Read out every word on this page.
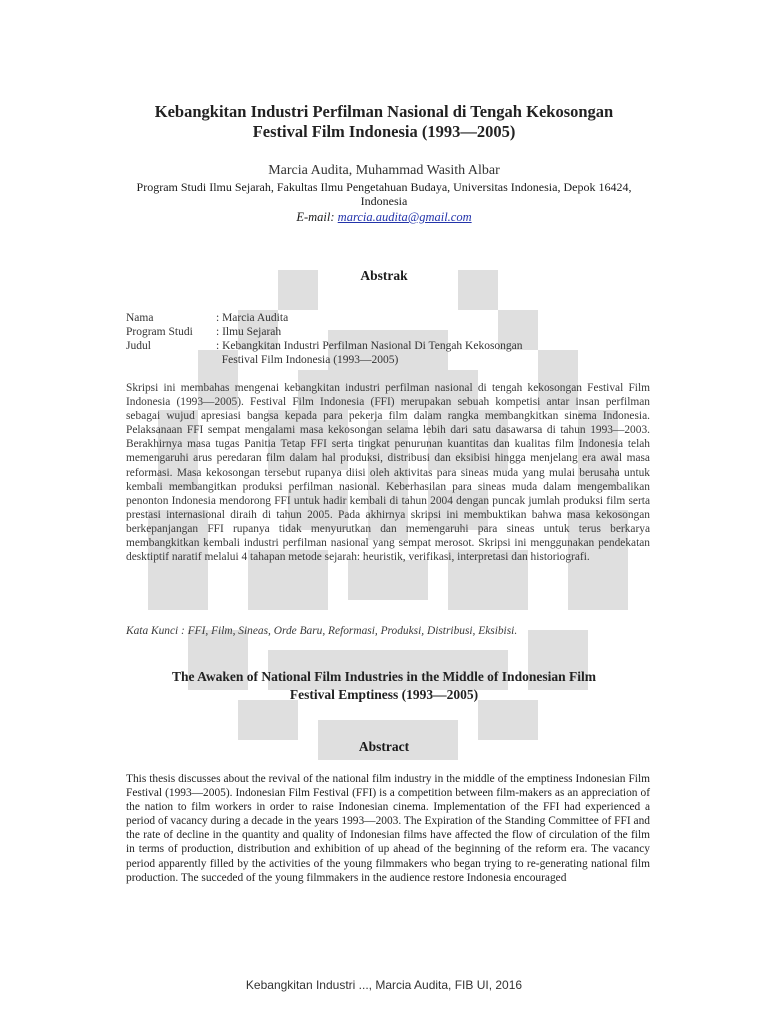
Kebangkitan Industri Perfilman Nasional di Tengah Kekosongan
Festival Film Indonesia (1993—2005)
Marcia Audita, Muhammad Wasith Albar
Program Studi Ilmu Sejarah, Fakultas Ilmu Pengetahuan Budaya, Universitas Indonesia, Depok 16424,
Indonesia
E-mail: marcia.audita@gmail.com
Abstrak
Nama	: Marcia Audita
Program Studi	: Ilmu Sejarah
Judul	: Kebangkitan Industri Perfilman Nasional Di Tengah Kekosongan
Festival Film Indonesia (1993—2005)
Skripsi ini membahas mengenai kebangkitan industri perfilman nasional di tengah kekosongan Festival Film Indonesia (1993—2005). Festival Film Indonesia (FFI) merupakan sebuah kompetisi antar insan perfilman sebagai wujud apresiasi bangsa kepada para pekerja film dalam rangka membangkitkan sinema Indonesia. Pelaksanaan FFI sempat mengalami masa kekosongan selama lebih dari satu dasawarsa di tahun 1993—2003. Berakhirnya masa tugas Panitia Tetap FFI serta tingkat penurunan kuantitas dan kualitas film Indonesia telah memengaruhi arus peredaran film dalam hal produksi, distribusi dan eksibisi hingga menjelang era awal masa reformasi. Masa kekosongan tersebut rupanya diisi oleh aktivitas para sineas muda yang mulai berusaha untuk kembali membangitkan produksi perfilman nasional. Keberhasilan para sineas muda dalam mengembalikan penonton Indonesia mendorong FFI untuk hadir kembali di tahun 2004 dengan puncak jumlah produksi film serta prestasi internasional diraih di tahun 2005. Pada akhirnya skripsi ini membuktikan bahwa masa kekosongan berkepanjangan FFI rupanya tidak menyurutkan dan memengaruhi para sineas untuk terus berkarya membangkitkan kembali industri perfilman nasional yang sempat merosot. Skripsi ini menggunakan pendekatan desktiptif naratif melalui 4 tahapan metode sejarah: heuristik, verifikasi, interpretasi dan historiografi.
Kata Kunci : FFI, Film, Sineas, Orde Baru, Reformasi, Produksi, Distribusi, Eksibisi.
The Awaken of National Film Industries in the Middle of Indonesian Film
Festival Emptiness (1993—2005)
Abstract
This thesis discusses about the revival of the national film industry in the middle of the emptiness Indonesian Film Festival (1993—2005). Indonesian Film Festival (FFI) is a competition between film-makers as an appreciation of the nation to film workers in order to raise Indonesian cinema. Implementation of the FFI had experienced a period of vacancy during a decade in the years 1993—2003. The Expiration of the Standing Committee of FFI and the rate of decline in the quantity and quality of Indonesian films have affected the flow of circulation of the film in terms of production, distribution and exhibition of up ahead of the beginning of the reform era. The vacancy period apparently filled by the activities of the young filmmakers who began trying to re-generating national film production. The succeded of the young filmmakers in the audience restore Indonesia encouraged
Kebangkitan Industri ..., Marcia Audita, FIB UI, 2016
